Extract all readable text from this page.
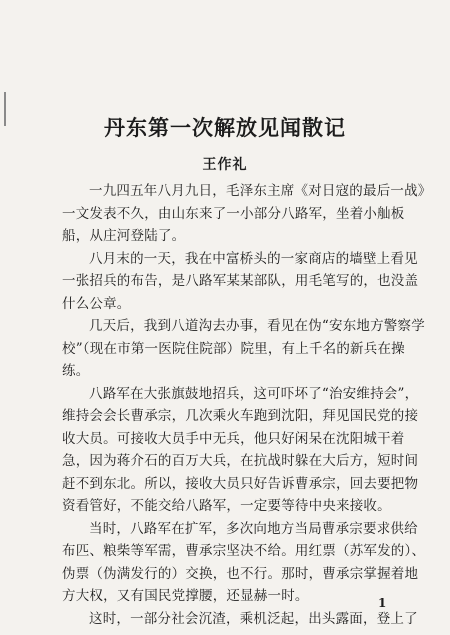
丹东第一次解放见闻散记
王作礼

一九四五年八月九日，毛泽东主席《对日寇的最后一战》一文发表不久，由山东来了一小部分八路军，坐着小舢板船，从庄河登陆了。

八月末的一天，我在中富桥头的一家商店的墙壁上看见一张招兵的布告，是八路军某某部队，用毛笔写的，也没盖什么公章。

几天后，我到八道沟去办事，看见在伪“安东地方警察学校”（现在市第一医院住院部）院里，有上千名的新兵在操练。

八路军在大张旗鼓地招兵，这可吓坏了“治安维持会”，维持会会长曹承宗，几次乘火车跑到沈阳，拜见国民党的接收大员。可接收大员手中无兵，他只好闲呆在沈阳城干着急，因为蒋介石的百万大兵，在抗战时躲在大后方，短时间赶不到东北。所以，接收大员只好告诉曹承宗，回去要把物资看管好，不能交给八路军，一定要等待中央来接收。

当时，八路军在扩军，多次向地方当局曹承宗要求供给布匹、粮柴等军需，曹承宗坚决不给。用红票（苏军发的）、伪票（伪满发行的）交换，也不行。那时，曹承宗掌握着地方大权，又有国民党撑腰，还显赫一时。

这时，一部分社会沉渣，乘机泛起，出头露面，登上了

1
